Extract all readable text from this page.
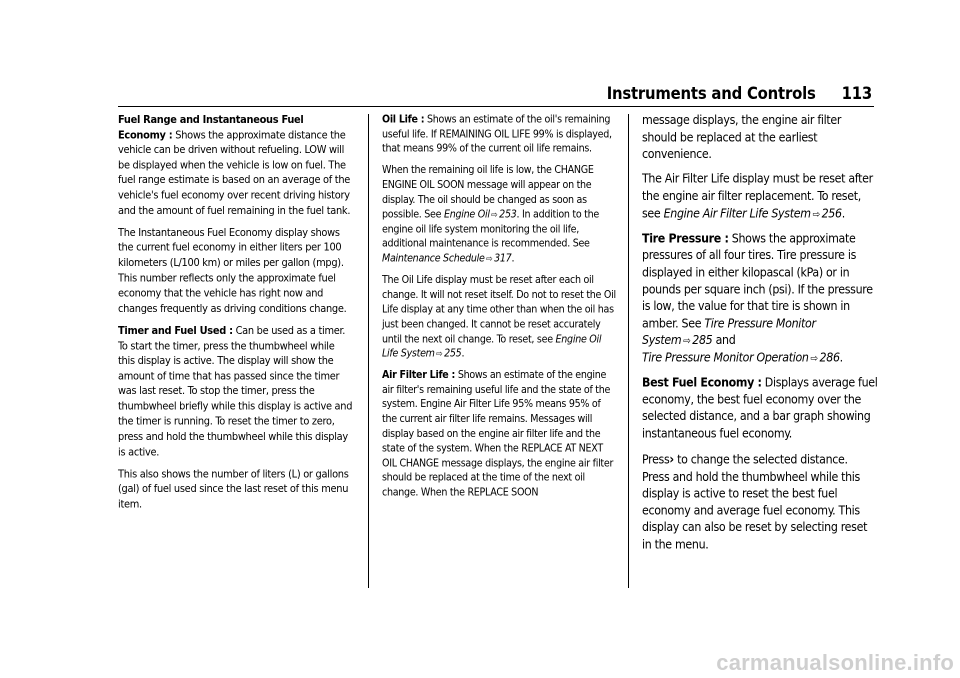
Instruments and Controls 113

Fuel Range and Instantaneous Fuel Economy : Shows the approximate distance the vehicle can be driven without refueling. LOW will be displayed when the vehicle is low on fuel. The fuel range estimate is based on an average of the vehicle's fuel economy over recent driving history and the amount of fuel remaining in the fuel tank.

The Instantaneous Fuel Economy display shows the current fuel economy in either liters per 100 kilometers (L/100 km) or miles per gallon (mpg). This number reflects only the approximate fuel economy that the vehicle has right now and changes frequently as driving conditions change.

Timer and Fuel Used : Can be used as a timer. To start the timer, press the thumbwheel while this display is active. The display will show the amount of time that has passed since the timer was last reset. To stop the timer, press the thumbwheel briefly while this display is active and the timer is running. To reset the timer to zero, press and hold the thumbwheel while this display is active.

This also shows the number of liters (L) or gallons (gal) of fuel used since the last reset of this menu item.

Oil Life : Shows an estimate of the oil's remaining useful life. If REMAINING OIL LIFE 99% is displayed, that means 99% of the current oil life remains.

When the remaining oil life is low, the CHANGE ENGINE OIL SOON message will appear on the display. The oil should be changed as soon as possible. See Engine Oil ⇨ 253. In addition to the engine oil life system monitoring the oil life, additional maintenance is recommended. See Maintenance Schedule ⇨ 317.

The Oil Life display must be reset after each oil change. It will not reset itself. Do not to reset the Oil Life display at any time other than when the oil has just been changed. It cannot be reset accurately until the next oil change. To reset, see Engine Oil Life System ⇨ 255.

Air Filter Life : Shows an estimate of the engine air filter's remaining useful life and the state of the system. Engine Air Filter Life 95% means 95% of the current air filter life remains. Messages will display based on the engine air filter life and the state of the system. When the REPLACE AT NEXT OIL CHANGE message displays, the engine air filter should be replaced at the time of the next oil change. When the REPLACE SOON

message displays, the engine air filter should be replaced at the earliest convenience.

The Air Filter Life display must be reset after the engine air filter replacement. To reset, see Engine Air Filter Life System ⇨ 256.

Tire Pressure : Shows the approximate pressures of all four tires. Tire pressure is displayed in either kilopascal (kPa) or in pounds per square inch (psi). If the pressure is low, the value for that tire is shown in amber. See Tire Pressure Monitor System ⇨ 285 and
Tire Pressure Monitor Operation ⇨ 286.

Best Fuel Economy : Displays average fuel economy, the best fuel economy over the selected distance, and a bar graph showing instantaneous fuel economy.

Press› to change the selected distance. Press and hold the thumbwheel while this display is active to reset the best fuel economy and average fuel economy. This display can also be reset by selecting reset in the menu.

carmanualsonline.info
